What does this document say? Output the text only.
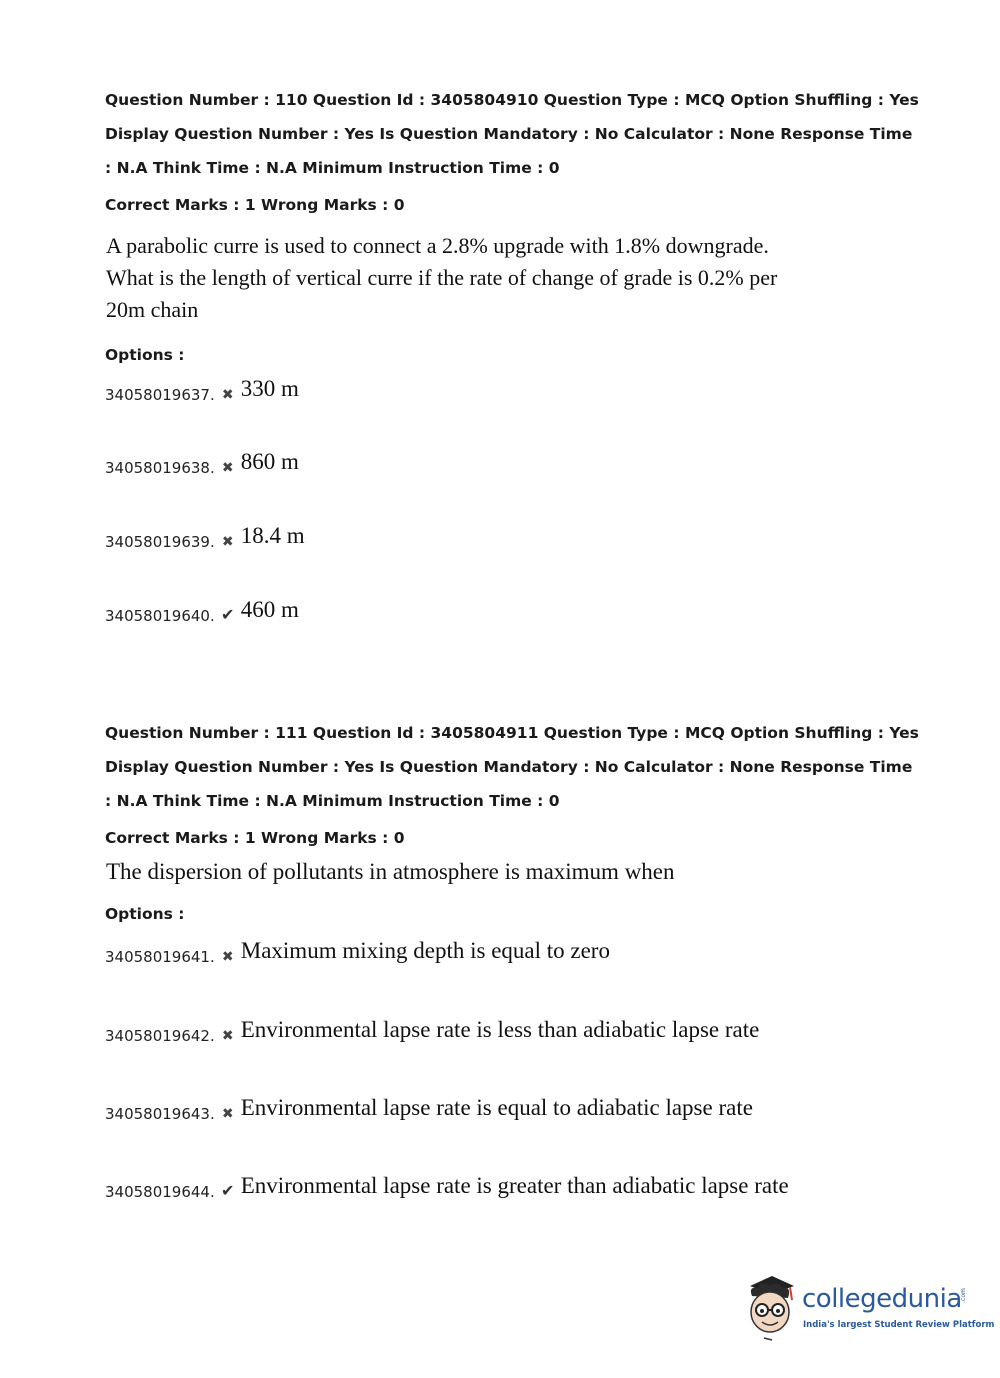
Question Number : 110 Question Id : 3405804910 Question Type : MCQ Option Shuffling : Yes
Display Question Number : Yes Is Question Mandatory : No Calculator : None Response Time
: N.A Think Time : N.A Minimum Instruction Time : 0
Correct Marks : 1 Wrong Marks : 0
A parabolic curre is used to connect a 2.8% upgrade with 1.8% downgrade.
What is the length of vertical curre if the rate of change of grade is 0.2% per
20m chain
Options :
34058019637. ✖ 330 m
34058019638. ✖ 860 m
34058019639. ✖ 18.4 m
34058019640. ✔ 460 m
Question Number : 111 Question Id : 3405804911 Question Type : MCQ Option Shuffling : Yes
Display Question Number : Yes Is Question Mandatory : No Calculator : None Response Time
: N.A Think Time : N.A Minimum Instruction Time : 0
Correct Marks : 1 Wrong Marks : 0
The dispersion of pollutants in atmosphere is maximum when
Options :
34058019641. ✖ Maximum mixing depth is equal to zero
34058019642. ✖ Environmental lapse rate is less than adiabatic lapse rate
34058019643. ✖ Environmental lapse rate is equal to adiabatic lapse rate
34058019644. ✔ Environmental lapse rate is greater than adiabatic lapse rate
collegedunia
.com
India's largest Student Review Platform
